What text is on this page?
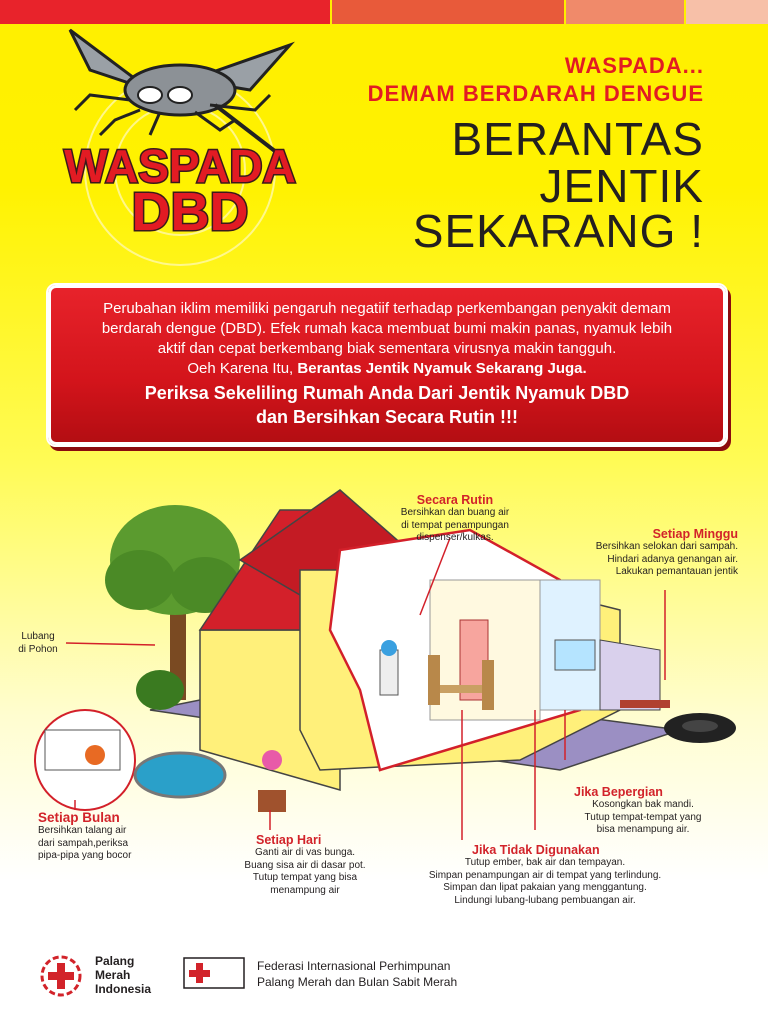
WASPADA
DBD
WASPADA...
DEMAM BERDARAH DENGUE
BERANTAS
JENTIK
SEKARANG !
Perubahan iklim memiliki pengaruh negatiif terhadap perkembangan penyakit demam
berdarah dengue (DBD). Efek rumah kaca membuat bumi makin panas, nyamuk lebih
aktif dan cepat berkembang biak sementara virusnya makin tangguh.
Oeh Karena Itu, Berantas Jentik Nyamuk Sekarang Juga.
Periksa Sekeliling Rumah Anda Dari Jentik Nyamuk DBD
dan Bersihkan Secara Rutin !!!
Lubang
di Pohon
Secara Rutin
Bersihkan dan buang air
di tempat penampungan
dispenser/kulkas.	Setiap Minggu
Bersihkan selokan dari sampah.
Hindari adanya genangan air.
Lakukan pemantauan jentik
Setiap Bulan
Bersihkan talang air
dari sampah,periksa
pipa-pipa yang bocor
Setiap Hari
Ganti air di vas bunga.
Buang sisa air di dasar pot.
Tutup tempat yang bisa
menampung air
Jika Bepergian
Kosongkan bak mandi.
Tutup tempat-tempat yang
bisa menampung air.
Jika Tidak Digunakan
Tutup ember, bak air dan tempayan.
Simpan penampungan air di tempat yang terlindung.
Simpan dan lipat pakaian yang menggantung.
Lindungi lubang-lubang pembuangan air.
Palang
Merah
Indonesia
Federasi Internasional Perhimpunan
Palang Merah dan Bulan Sabit Merah
